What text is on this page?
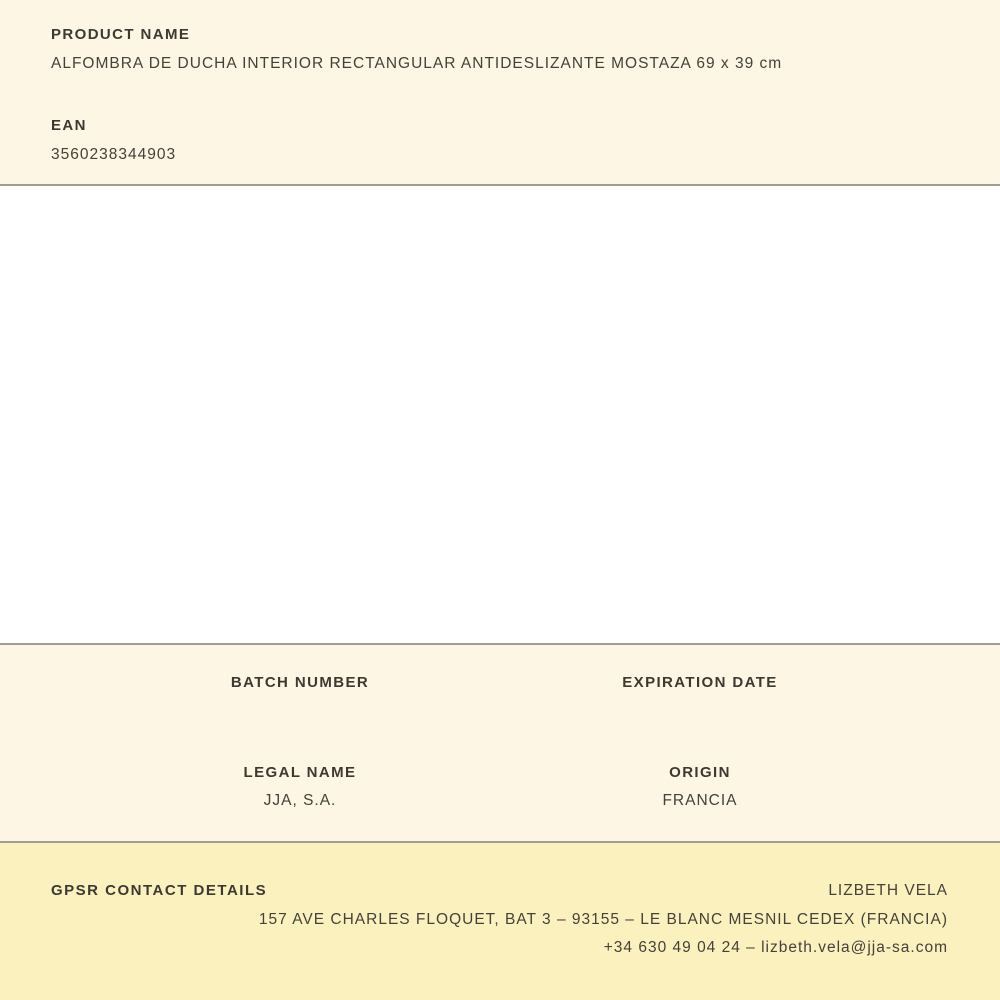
PRODUCT NAME
ALFOMBRA DE DUCHA INTERIOR RECTANGULAR ANTIDESLIZANTE MOSTAZA 69 x 39 cm
EAN
3560238344903
BATCH NUMBER	EXPIRATION DATE
LEGAL NAME
JJA, S.A.
ORIGIN
FRANCIA
GPSR CONTACT DETAILS	LIZBETH VELA
157 AVE CHARLES FLOQUET, BAT 3 – 93155 – LE BLANC MESNIL CEDEX (FRANCIA)
+34 630 49 04 24 – lizbeth.vela@jja-sa.com
